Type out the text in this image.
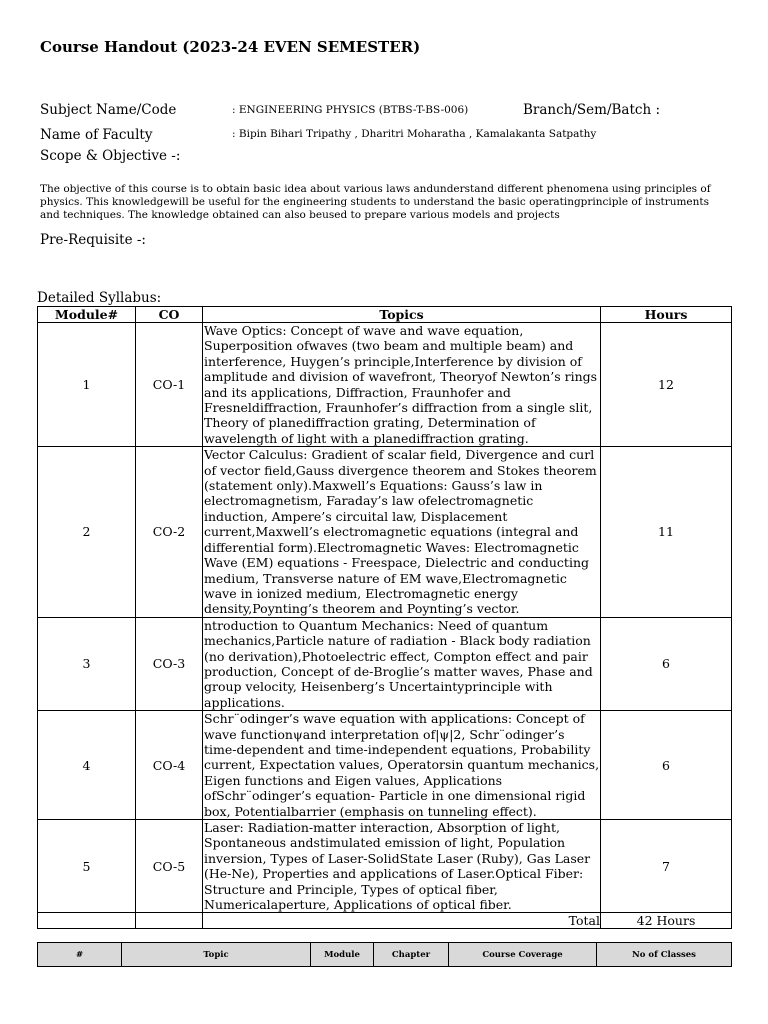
Course Handout (2023-24 EVEN SEMESTER)
Subject Name/Code	: ENGINEERING PHYSICS (BTBS-T-BS-006)	Branch/Sem/Batch :
Name of Faculty	: Bipin Bihari Tripathy , Dharitri Moharatha , Kamalakanta Satpathy
Scope & Objective -:
The objective of this course is to obtain basic idea about various laws andunderstand different phenomena using principles of physics. This knowledgewill be useful for the engineering students to understand the basic operatingprinciple of instruments and techniques. The knowledge obtained can also beused to prepare various models and projects
Pre-Requisite -:
Detailed Syllabus:
Module#	CO	Topics	Hours
1	CO-1	Wave Optics: Concept of wave and wave equation, Superposition ofwaves (two beam and multiple beam) and interference, Huygen’s principle,Interference by division of amplitude and division of wavefront, Theoryof Newton’s rings and its applications, Diffraction, Fraunhofer and Fresneldiffraction, Fraunhofer’s diffraction from a single slit, Theory of planediffraction grating, Determination of wavelength of light with a planediffraction grating.	12
2	CO-2	Vector Calculus: Gradient of scalar field, Divergence and curl of vector field,Gauss divergence theorem and Stokes theorem (statement only).Maxwell’s Equations: Gauss’s law in electromagnetism, Faraday’s law ofelectromagnetic induction, Ampere’s circuital law, Displacement current,Maxwell’s electromagnetic equations (integral and differential form).Electromagnetic Waves: Electromagnetic Wave (EM) equations - Freespace, Dielectric and conducting medium, Transverse nature of EM wave,Electromagnetic wave in ionized medium, Electromagnetic energy density,Poynting’s theorem and Poynting’s vector.	11
3	CO-3	ntroduction to Quantum Mechanics: Need of quantum mechanics,Particle nature of radiation - Black body radiation (no derivation),Photoelectric effect, Compton effect and pair production, Concept of de-Broglie’s matter waves, Phase and group velocity, Heisenberg’s Uncertaintyprinciple with applications.	6
4	CO-4	Schr¨odinger’s wave equation with applications: Concept of wave functionψand interpretation of|ψ|2, Schr¨odinger’s time-dependent and time-independent equations, Probability current, Expectation values, Operatorsin quantum mechanics, Eigen functions and Eigen values, Applications ofSchr¨odinger’s equation- Particle in one dimensional rigid box, Potentialbarrier (emphasis on tunneling effect).	6
5	CO-5	Laser: Radiation-matter interaction, Absorption of light, Spontaneous andstimulated emission of light, Population inversion, Types of Laser-SolidState Laser (Ruby), Gas Laser (He-Ne), Properties and applications of Laser.Optical Fiber: Structure and Principle, Types of optical fiber, Numericalaperture, Applications of optical fiber.	7
		Total	42 Hours
#	Topic	Module	Chapter	Course Coverage	No of Classes
